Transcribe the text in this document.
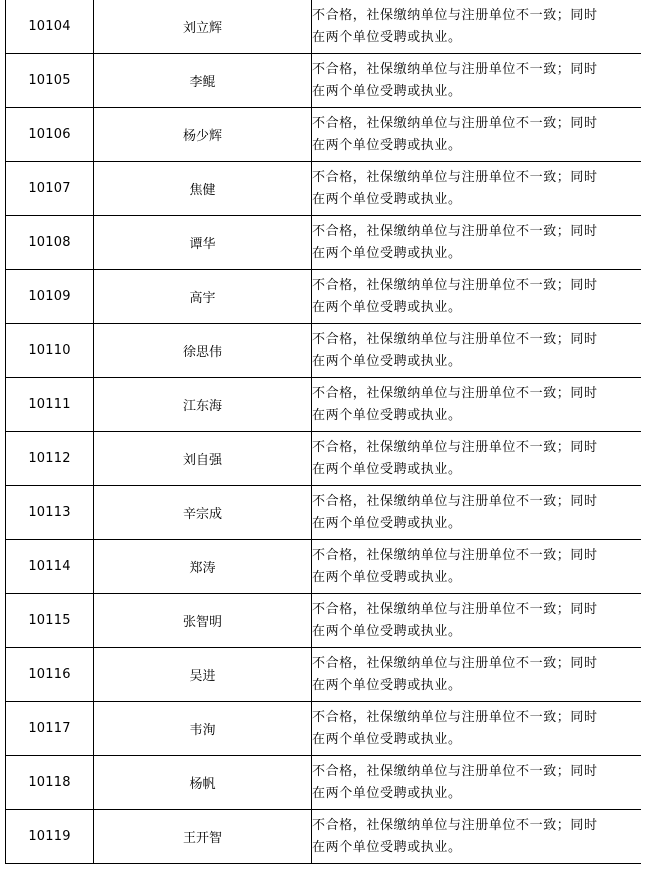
10104	刘立辉	不合格，社保缴纳单位与注册单位不一致；同时
在两个单位受聘或执业。

10105	李鲲	不合格，社保缴纳单位与注册单位不一致；同时
在两个单位受聘或执业。

10106	杨少辉	不合格，社保缴纳单位与注册单位不一致；同时
在两个单位受聘或执业。

10107	焦健	不合格，社保缴纳单位与注册单位不一致；同时
在两个单位受聘或执业。

10108	谭华	不合格，社保缴纳单位与注册单位不一致；同时
在两个单位受聘或执业。

10109	高宇	不合格，社保缴纳单位与注册单位不一致；同时
在两个单位受聘或执业。

10110	徐思伟	不合格，社保缴纳单位与注册单位不一致；同时
在两个单位受聘或执业。

10111	江东海	不合格，社保缴纳单位与注册单位不一致；同时
在两个单位受聘或执业。

10112	刘自强	不合格，社保缴纳单位与注册单位不一致；同时
在两个单位受聘或执业。

10113	辛宗成	不合格，社保缴纳单位与注册单位不一致；同时
在两个单位受聘或执业。

10114	郑涛	不合格，社保缴纳单位与注册单位不一致；同时
在两个单位受聘或执业。

10115	张智明	不合格，社保缴纳单位与注册单位不一致；同时
在两个单位受聘或执业。

10116	吴进	不合格，社保缴纳单位与注册单位不一致；同时
在两个单位受聘或执业。

10117	韦洵	不合格，社保缴纳单位与注册单位不一致；同时
在两个单位受聘或执业。

10118	杨帆	不合格，社保缴纳单位与注册单位不一致；同时
在两个单位受聘或执业。

10119	王开智	不合格，社保缴纳单位与注册单位不一致；同时
在两个单位受聘或执业。
